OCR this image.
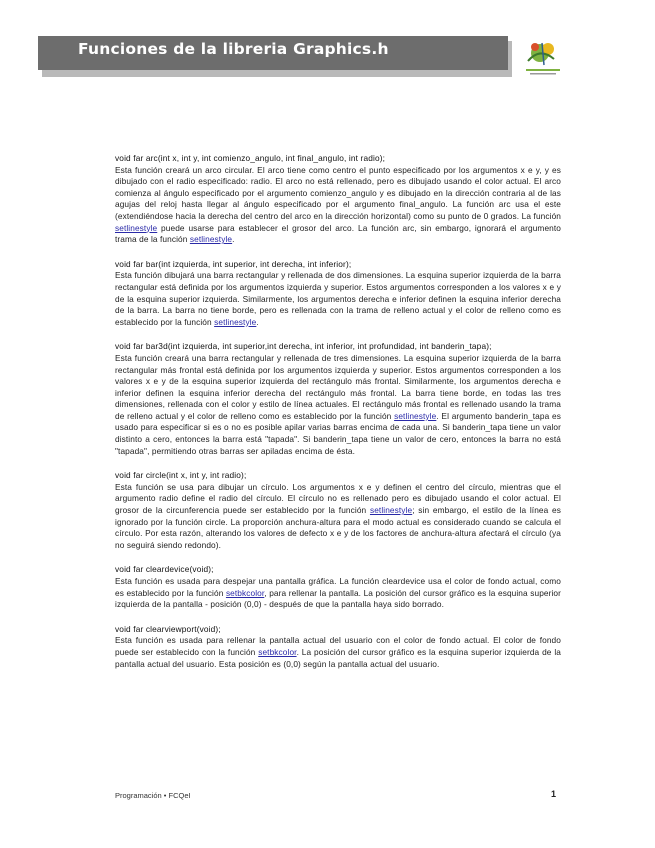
Funciones de la libreria Graphics.h
void far arc(int x, int y, int comienzo_angulo, int final_angulo, int radio);
Esta función creará un arco circular. El arco tiene como centro el punto especificado por los argumentos x e y, y es dibujado con el radio especificado: radio. El arco no está rellenado, pero es dibujado usando el color actual. El arco comienza al ángulo especificado por el argumento comienzo_angulo y es dibujado en la dirección contraria al de las agujas del reloj hasta llegar al ángulo especificado por el argumento final_angulo. La función arc usa el este (extendiéndose hacia la derecha del centro del arco en la dirección horizontal) como su punto de 0 grados. La función setlinestyle puede usarse para establecer el grosor del arco. La función arc, sin embargo, ignorará el argumento trama de la función setlinestyle.
void far bar(int izquierda, int superior, int derecha, int inferior);
Esta función dibujará una barra rectangular y rellenada de dos dimensiones. La esquina superior izquierda de la barra rectangular está definida por los argumentos izquierda y superior. Estos argumentos corresponden a los valores x e y de la esquina superior izquierda. Similarmente, los argumentos derecha e inferior definen la esquina inferior derecha de la barra. La barra no tiene borde, pero es rellenada con la trama de relleno actual y el color de relleno como es establecido por la función setlinestyle.
void far bar3d(int izquierda, int superior,int derecha, int inferior, int profundidad, int banderin_tapa);
Esta función creará una barra rectangular y rellenada de tres dimensiones. La esquina superior izquierda de la barra rectangular más frontal está definida por los argumentos izquierda y superior. Estos argumentos corresponden a los valores x e y de la esquina superior izquierda del rectángulo más frontal. Similarmente, los argumentos derecha e inferior definen la esquina inferior derecha del rectángulo más frontal. La barra tiene borde, en todas las tres dimensiones, rellenada con el color y estilo de línea actuales. El rectángulo más frontal es rellenado usando la trama de relleno actual y el color de relleno como es establecido por la función setlinestyle. El argumento banderin_tapa es usado para especificar si es o no es posible apilar varias barras encima de cada una. Si banderin_tapa tiene un valor distinto a cero, entonces la barra está "tapada". Si banderin_tapa tiene un valor de cero, entonces la barra no está "tapada", permitiendo otras barras ser apiladas encima de ésta.
void far circle(int x, int y, int radio);
Esta función se usa para dibujar un círculo. Los argumentos x e y definen el centro del círculo, mientras que el argumento radio define el radio del círculo. El círculo no es rellenado pero es dibujado usando el color actual. El grosor de la circunferencia puede ser establecido por la función setlinestyle; sin embargo, el estilo de la línea es ignorado por la función circle. La proporción anchura-altura para el modo actual es considerado cuando se calcula el círculo. Por esta razón, alterando los valores de defecto x e y de los factores de anchura-altura afectará el círculo (ya no seguirá siendo redondo).
void far cleardevice(void);
Esta función es usada para despejar una pantalla gráfica. La función cleardevice usa el color de fondo actual, como es establecido por la función setbkcolor, para rellenar la pantalla. La posición del cursor gráfico es la esquina superior izquierda de la pantalla - posición (0,0) - después de que la pantalla haya sido borrado.
void far clearviewport(void);
Esta función es usada para rellenar la pantalla actual del usuario con el color de fondo actual. El color de fondo puede ser establecido con la función setbkcolor. La posición del cursor gráfico es la esquina superior izquierda de la pantalla actual del usuario. Esta posición es (0,0) según la pantalla actual del usuario.
Programación • FCQeI	1
